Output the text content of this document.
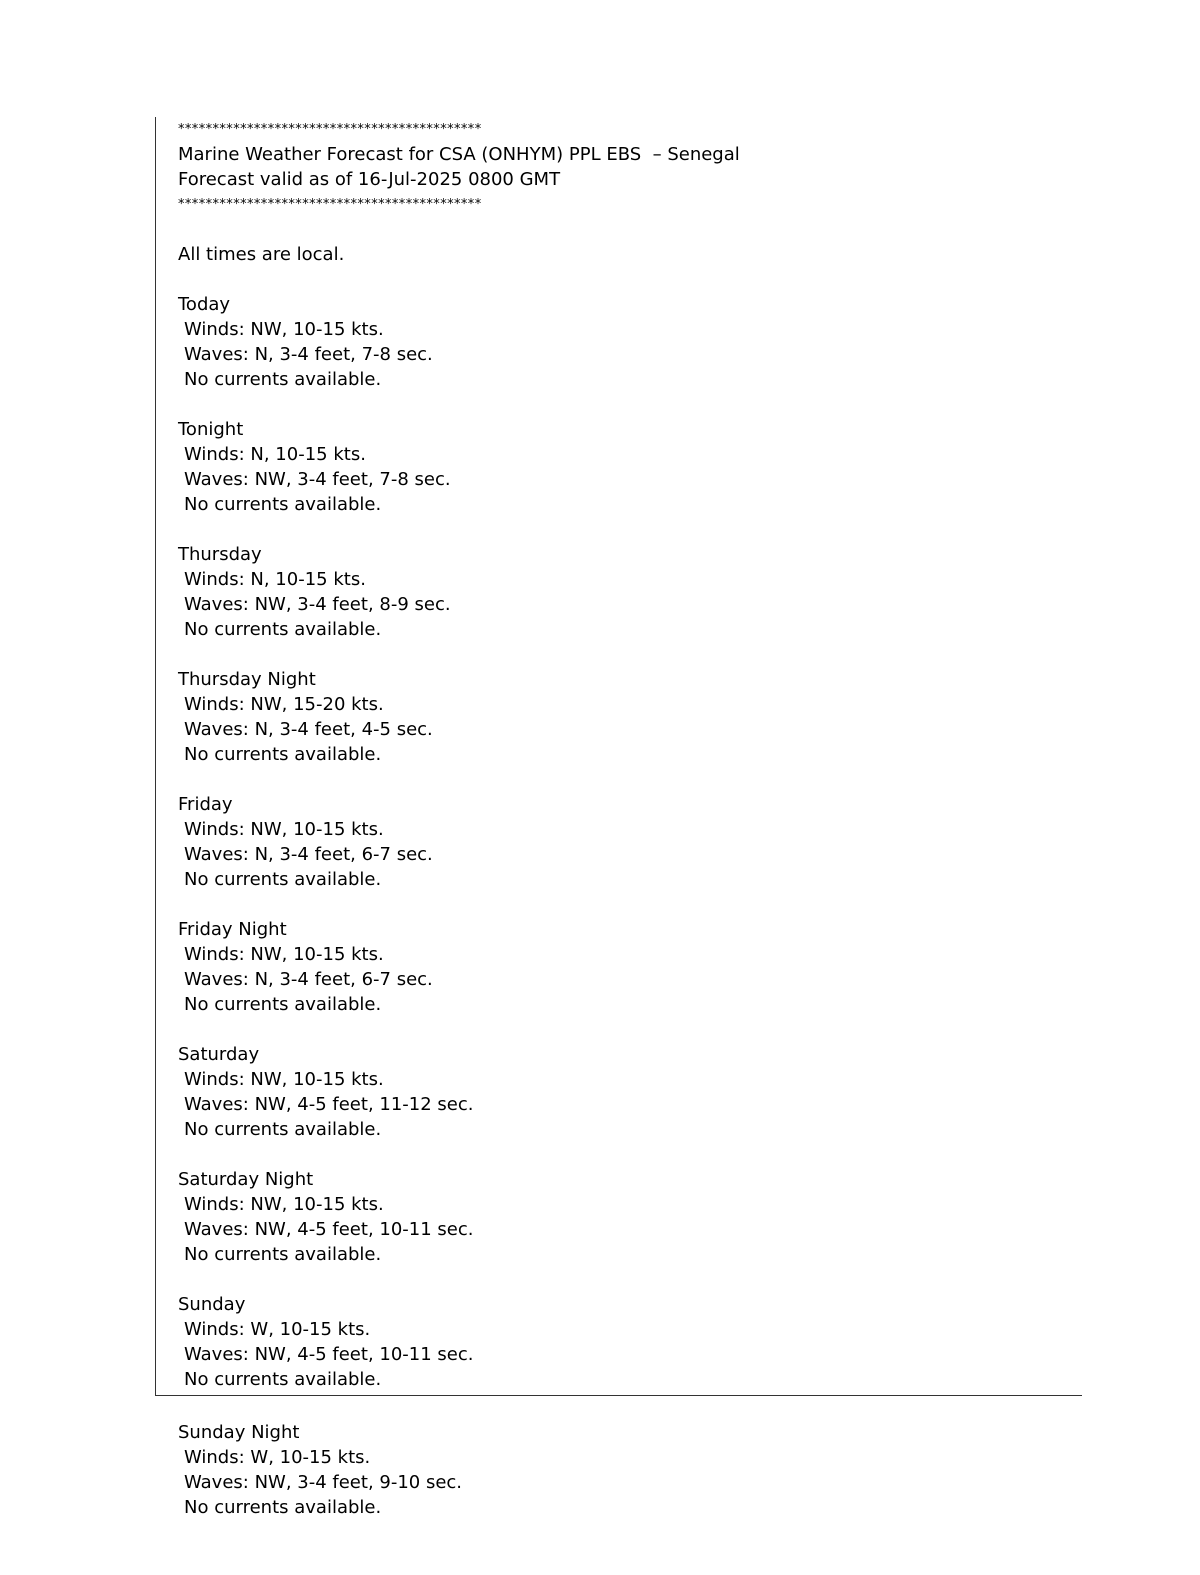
********************************************
Marine Weather Forecast for CSA (ONHYM) PPL EBS  – Senegal
Forecast valid as of 16-Jul-2025 0800 GMT
********************************************
All times are local.
Today
Winds: NW, 10-15 kts.
Waves: N, 3-4 feet, 7-8 sec.
No currents available.
Tonight
Winds: N, 10-15 kts.
Waves: NW, 3-4 feet, 7-8 sec.
No currents available.
Thursday
Winds: N, 10-15 kts.
Waves: NW, 3-4 feet, 8-9 sec.
No currents available.
Thursday Night
Winds: NW, 15-20 kts.
Waves: N, 3-4 feet, 4-5 sec.
No currents available.
Friday
Winds: NW, 10-15 kts.
Waves: N, 3-4 feet, 6-7 sec.
No currents available.
Friday Night
Winds: NW, 10-15 kts.
Waves: N, 3-4 feet, 6-7 sec.
No currents available.
Saturday
Winds: NW, 10-15 kts.
Waves: NW, 4-5 feet, 11-12 sec.
No currents available.
Saturday Night
Winds: NW, 10-15 kts.
Waves: NW, 4-5 feet, 10-11 sec.
No currents available.
Sunday
Winds: W, 10-15 kts.
Waves: NW, 4-5 feet, 10-11 sec.
No currents available.
Sunday Night
Winds: W, 10-15 kts.
Waves: NW, 3-4 feet, 9-10 sec.
No currents available.
